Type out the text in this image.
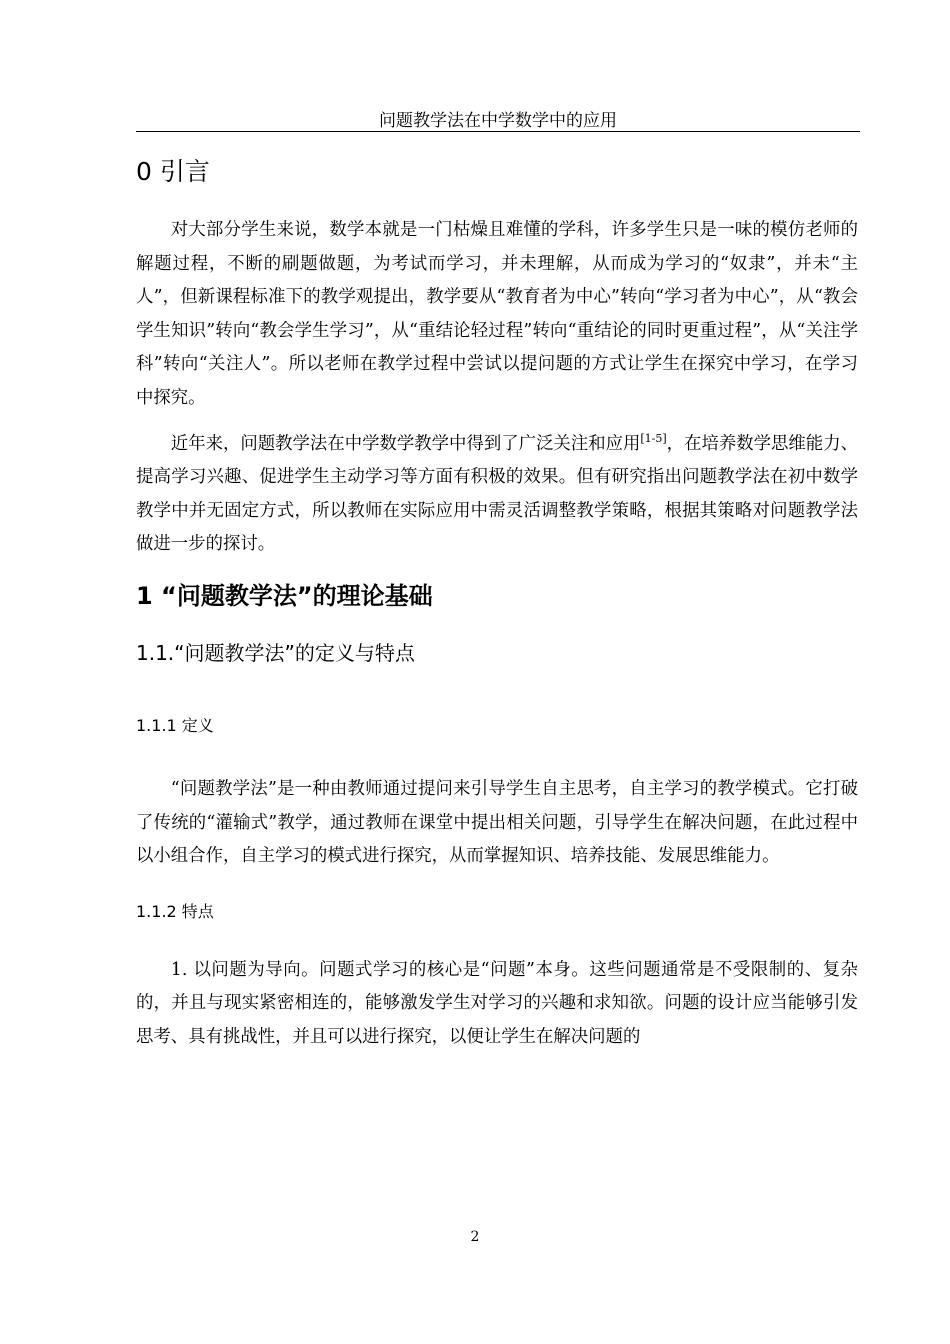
问题教学法在中学数学中的应用
0 引言

对大部分学生来说，数学本就是一门枯燥且难懂的学科，许多学生只是一味的模仿老师的解题过程，不断的刷题做题，为考试而学习，并未理解，从而成为学习的“奴隶”，并未“主人”，但新课程标准下的教学观提出，教学要从“教育者为中心”转向“学习者为中心”，从“教会学生知识”转向“教会学生学习”，从“重结论轻过程”转向“重结论的同时更重过程”，从“关注学科”转向“关注人”。所以老师在教学过程中尝试以提问题的方式让学生在探究中学习，在学习中探究。

近年来，问题教学法在中学数学教学中得到了广泛关注和应用[1-5]，在培养数学思维能力、提高学习兴趣、促进学生主动学习等方面有积极的效果。但有研究指出问题教学法在初中数学教学中并无固定方式，所以教师在实际应用中需灵活调整教学策略，根据其策略对问题教学法做进一步的探讨。

1 “问题教学法”的理论基础
1.1.“问题教学法”的定义与特点
1.1.1 定义

“问题教学法”是一种由教师通过提问来引导学生自主思考，自主学习的教学模式。它打破了传统的“灌输式”教学，通过教师在课堂中提出相关问题，引导学生在解决问题，在此过程中以小组合作，自主学习的模式进行探究，从而掌握知识、培养技能、发展思维能力。

1.1.2 特点

1. 以问题为导向。问题式学习的核心是“问题”本身。这些问题通常是不受限制的、复杂的，并且与现实紧密相连的，能够激发学生对学习的兴趣和求知欲。问题的设计应当能够引发思考、具有挑战性，并且可以进行探究，以便让学生在解决问题的

2
